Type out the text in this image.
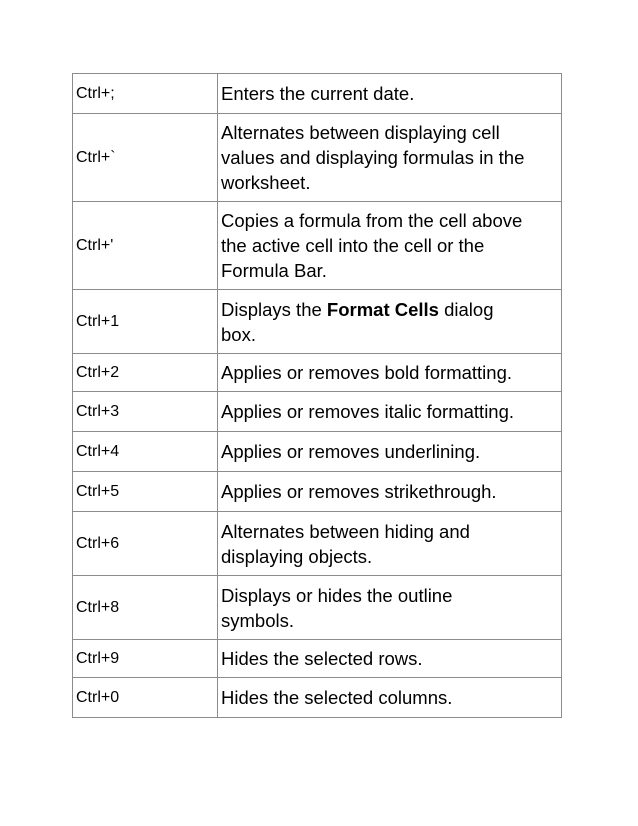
Ctrl+;	Enters the current date.

Ctrl+`	Alternates between displaying cell
values and displaying formulas in the
worksheet.

Ctrl+'	Copies a formula from the cell above
the active cell into the cell or the
Formula Bar.

Ctrl+1	Displays the Format Cells dialog
box.

Ctrl+2	Applies or removes bold formatting.

Ctrl+3	Applies or removes italic formatting.

Ctrl+4	Applies or removes underlining.

Ctrl+5	Applies or removes strikethrough.

Ctrl+6	Alternates between hiding and
displaying objects.

Ctrl+8	Displays or hides the outline
symbols.

Ctrl+9	Hides the selected rows.

Ctrl+0	Hides the selected columns.
